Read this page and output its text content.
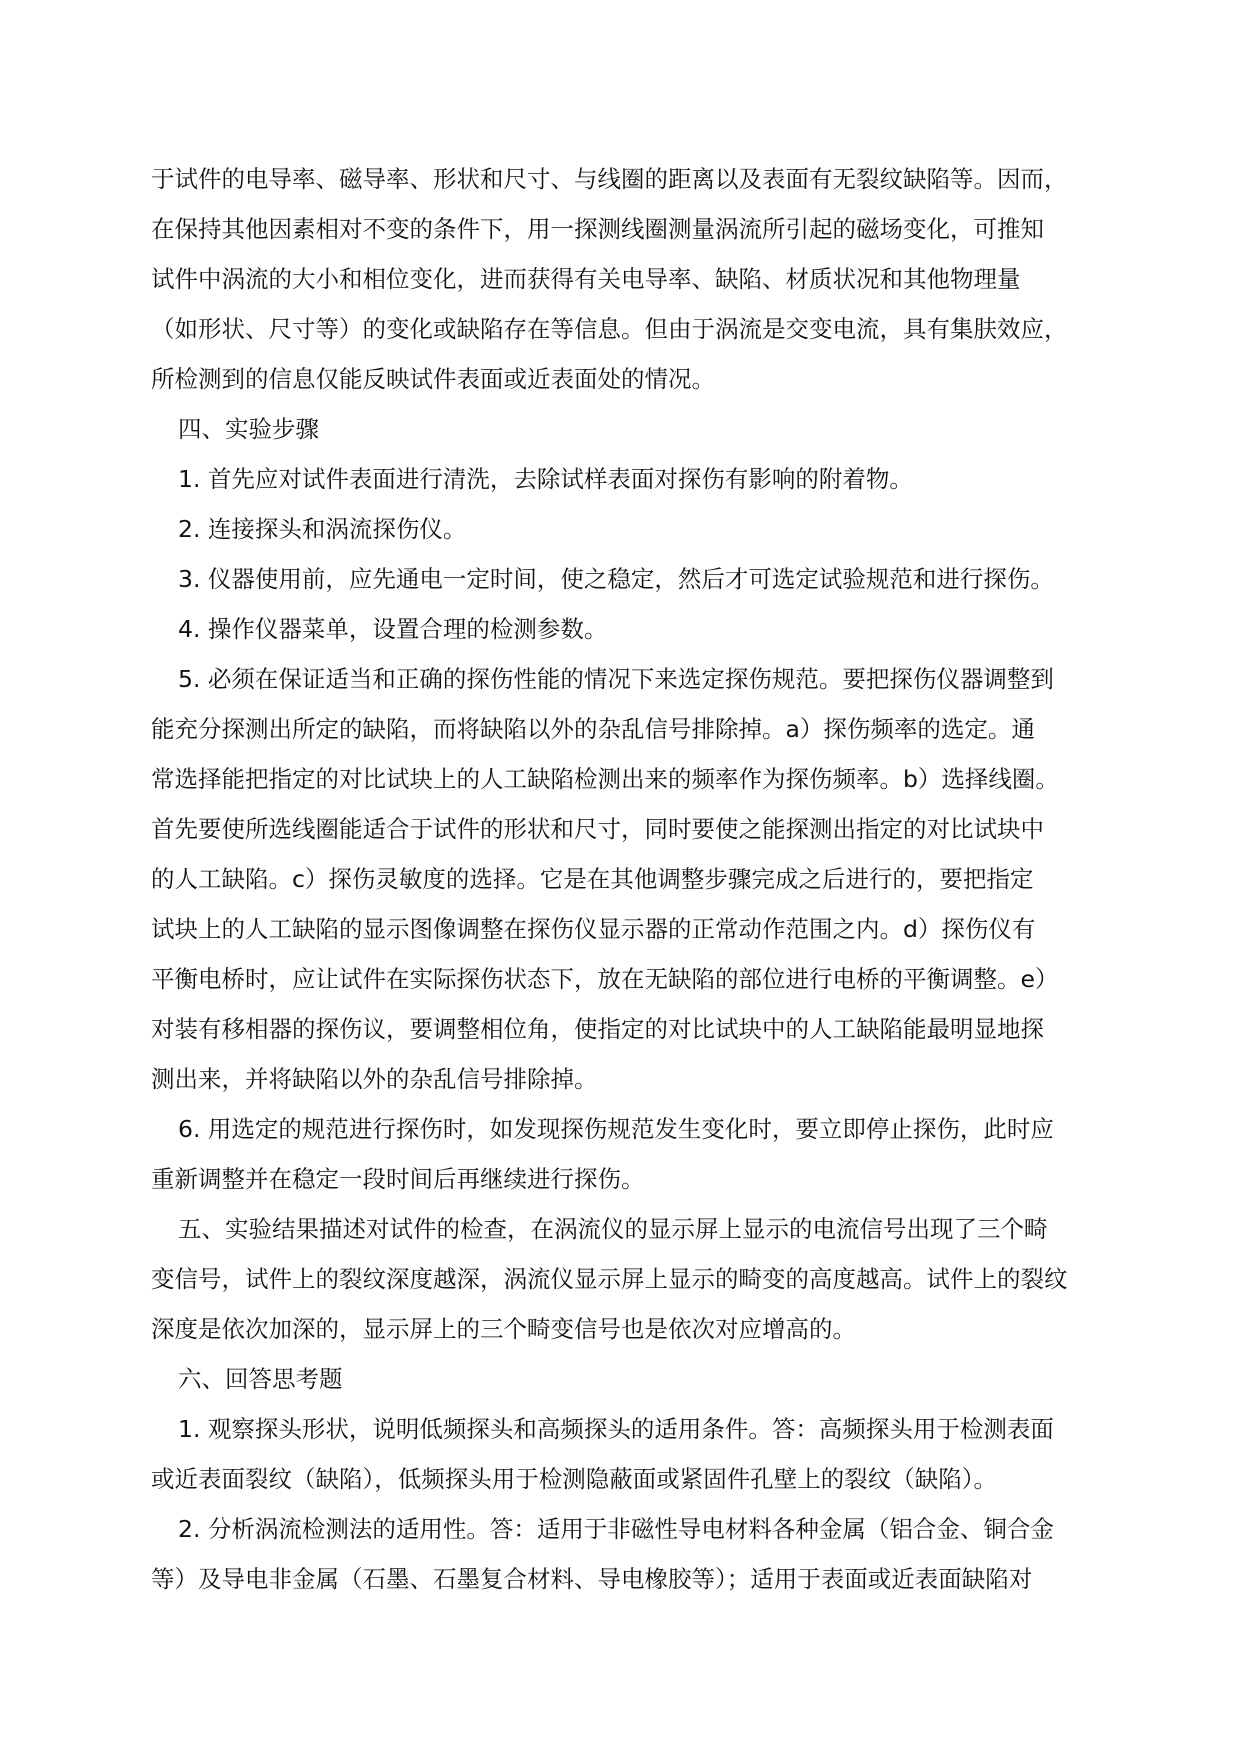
于试件的电导率、磁导率、形状和尺寸、与线圈的距离以及表面有无裂纹缺陷等。因而，
在保持其他因素相对不变的条件下，用一探测线圈测量涡流所引起的磁场变化，可推知
试件中涡流的大小和相位变化，进而获得有关电导率、缺陷、材质状况和其他物理量
（如形状、尺寸等）的变化或缺陷存在等信息。但由于涡流是交变电流，具有集肤效应，
所检测到的信息仅能反映试件表面或近表面处的情况。
四、实验步骤
1. 首先应对试件表面进行清洗，去除试样表面对探伤有影响的附着物。
2. 连接探头和涡流探伤仪。
3. 仪器使用前，应先通电一定时间，使之稳定，然后才可选定试验规范和进行探伤。
4. 操作仪器菜单，设置合理的检测参数。
5. 必须在保证适当和正确的探伤性能的情况下来选定探伤规范。要把探伤仪器调整到
能充分探测出所定的缺陷，而将缺陷以外的杂乱信号排除掉。a）探伤频率的选定。通
常选择能把指定的对比试块上的人工缺陷检测出来的频率作为探伤频率。b）选择线圈。
首先要使所选线圈能适合于试件的形状和尺寸，同时要使之能探测出指定的对比试块中
的人工缺陷。c）探伤灵敏度的选择。它是在其他调整步骤完成之后进行的，要把指定
试块上的人工缺陷的显示图像调整在探伤仪显示器的正常动作范围之内。d）探伤仪有
平衡电桥时，应让试件在实际探伤状态下，放在无缺陷的部位进行电桥的平衡调整。e）
对装有移相器的探伤议，要调整相位角，使指定的对比试块中的人工缺陷能最明显地探
测出来，并将缺陷以外的杂乱信号排除掉。
6. 用选定的规范进行探伤时，如发现探伤规范发生变化时，要立即停止探伤，此时应
重新调整并在稳定一段时间后再继续进行探伤。
五、实验结果描述对试件的检查，在涡流仪的显示屏上显示的电流信号出现了三个畸
变信号，试件上的裂纹深度越深，涡流仪显示屏上显示的畸变的高度越高。试件上的裂纹
深度是依次加深的，显示屏上的三个畸变信号也是依次对应增高的。
六、回答思考题
1. 观察探头形状，说明低频探头和高频探头的适用条件。答：高频探头用于检测表面
或近表面裂纹（缺陷），低频探头用于检测隐蔽面或紧固件孔壁上的裂纹（缺陷）。
2. 分析涡流检测法的适用性。答：适用于非磁性导电材料各种金属（铝合金、铜合金
等）及导电非金属（石墨、石墨复合材料、导电橡胶等）；适用于表面或近表面缺陷对
